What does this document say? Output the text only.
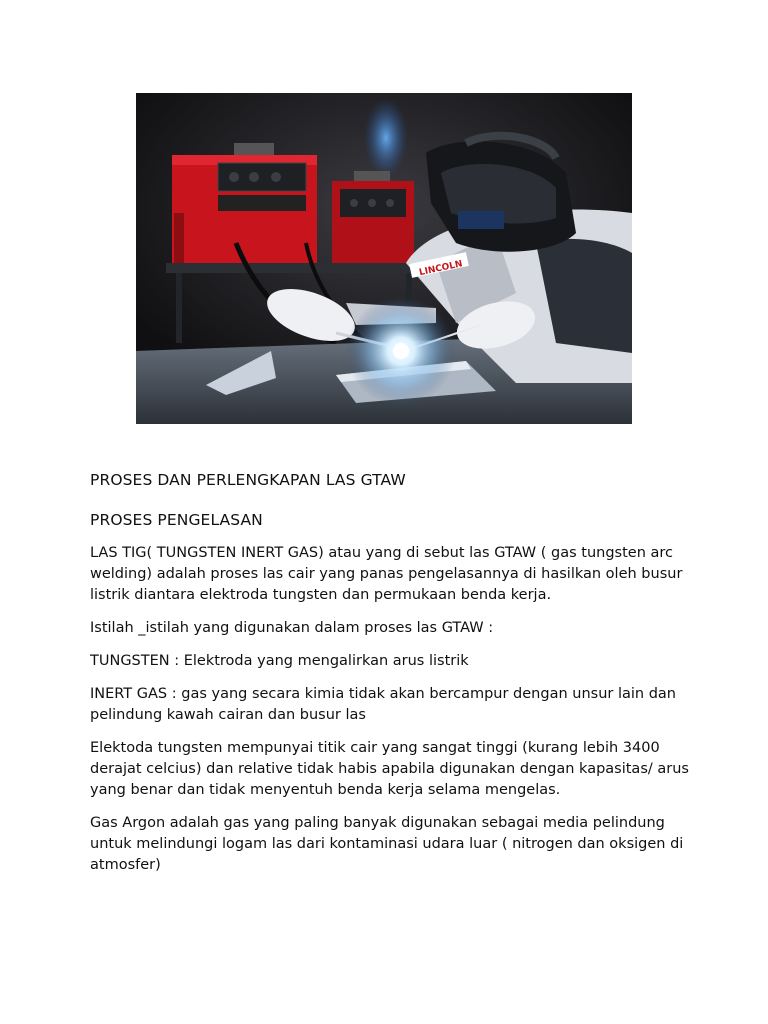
LINCOLN
PROSES DAN PERLENGKAPAN LAS GTAW
PROSES PENGELASAN

LAS TIG( TUNGSTEN INERT GAS) atau yang di sebut las GTAW ( gas tungsten arc welding) adalah proses las cair yang panas pengelasannya di hasilkan oleh busur listrik diantara elektroda tungsten dan permukaan benda kerja.

Istilah _istilah yang digunakan dalam proses las GTAW :

TUNGSTEN : Elektroda yang mengalirkan arus listrik

INERT GAS : gas yang secara kimia tidak akan bercampur dengan unsur lain dan pelindung kawah cairan dan busur las

Elektoda tungsten mempunyai titik cair yang sangat tinggi (kurang lebih 3400 derajat celcius) dan relative tidak habis apabila digunakan dengan kapasitas/ arus yang benar dan tidak menyentuh benda kerja selama mengelas.

Gas Argon adalah gas yang paling banyak digunakan sebagai media pelindung untuk melindungi logam las dari kontaminasi udara luar ( nitrogen dan oksigen di atmosfer)
